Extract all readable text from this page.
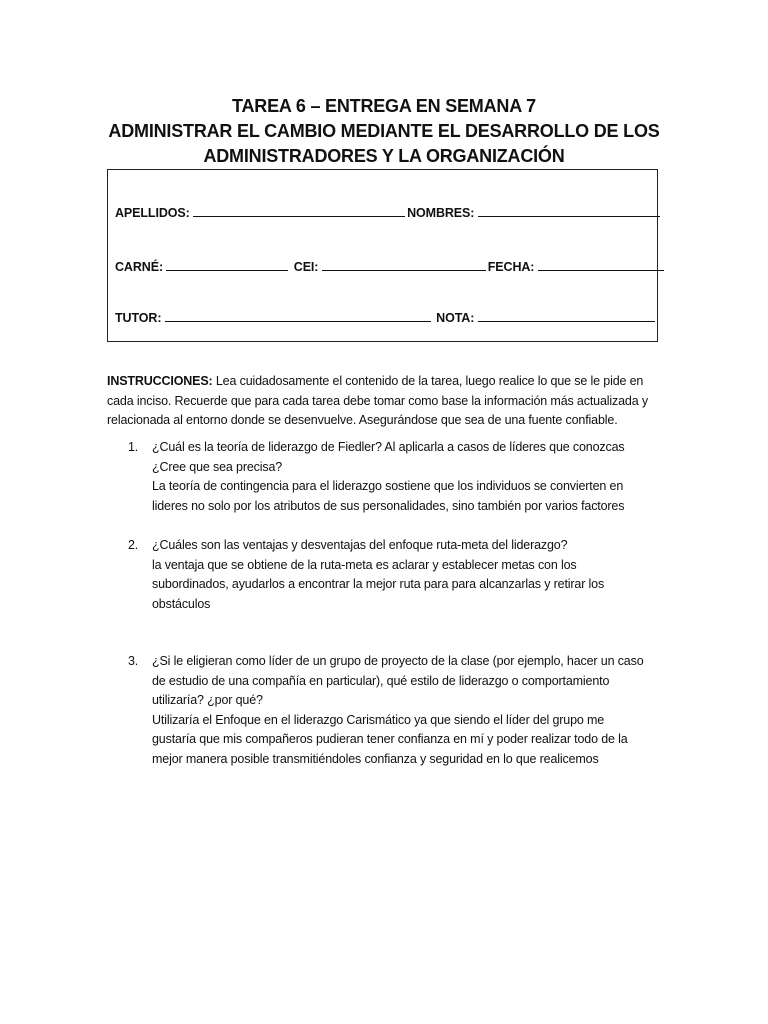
TAREA 6 – ENTREGA EN SEMANA 7
ADMINISTRAR EL CAMBIO MEDIANTE EL DESARROLLO DE LOS
ADMINISTRADORES Y LA ORGANIZACIÓN
APELLIDOS:	NOMBRES:
CARNÉ:	CEI:	FECHA:
TUTOR:	NOTA:
INSTRUCCIONES: Lea cuidadosamente el contenido de la tarea, luego realice lo que se le pide en cada inciso. Recuerde que para cada tarea debe tomar como base la información más actualizada y relacionada al entorno donde se desenvuelve. Asegurándose que sea de una fuente confiable.
1. ¿Cuál es la teoría de liderazgo de Fiedler? Al aplicarla a casos de líderes que conozcas
¿Cree que sea precisa?
La teoría de contingencia para el liderazgo sostiene que los individuos se convierten en
lideres no solo por los atributos de sus personalidades, sino también por varios factores
2. ¿Cuáles son las ventajas y desventajas del enfoque ruta-meta del liderazgo?
la ventaja que se obtiene de la ruta-meta es aclarar y establecer metas con los
subordinados, ayudarlos a encontrar la mejor ruta para para alcanzarlas y retirar los
obstáculos
3. ¿Si le eligieran como líder de un grupo de proyecto de la clase (por ejemplo, hacer un caso
de estudio de una compañía en particular), qué estilo de liderazgo o comportamiento
utilizaría? ¿por qué?
Utilizaría el Enfoque en el liderazgo Carismático ya que siendo el líder del grupo me
gustaría que mis compañeros pudieran tener confianza en mí y poder realizar todo de la
mejor manera posible transmitiéndoles confianza y seguridad en lo que realicemos
